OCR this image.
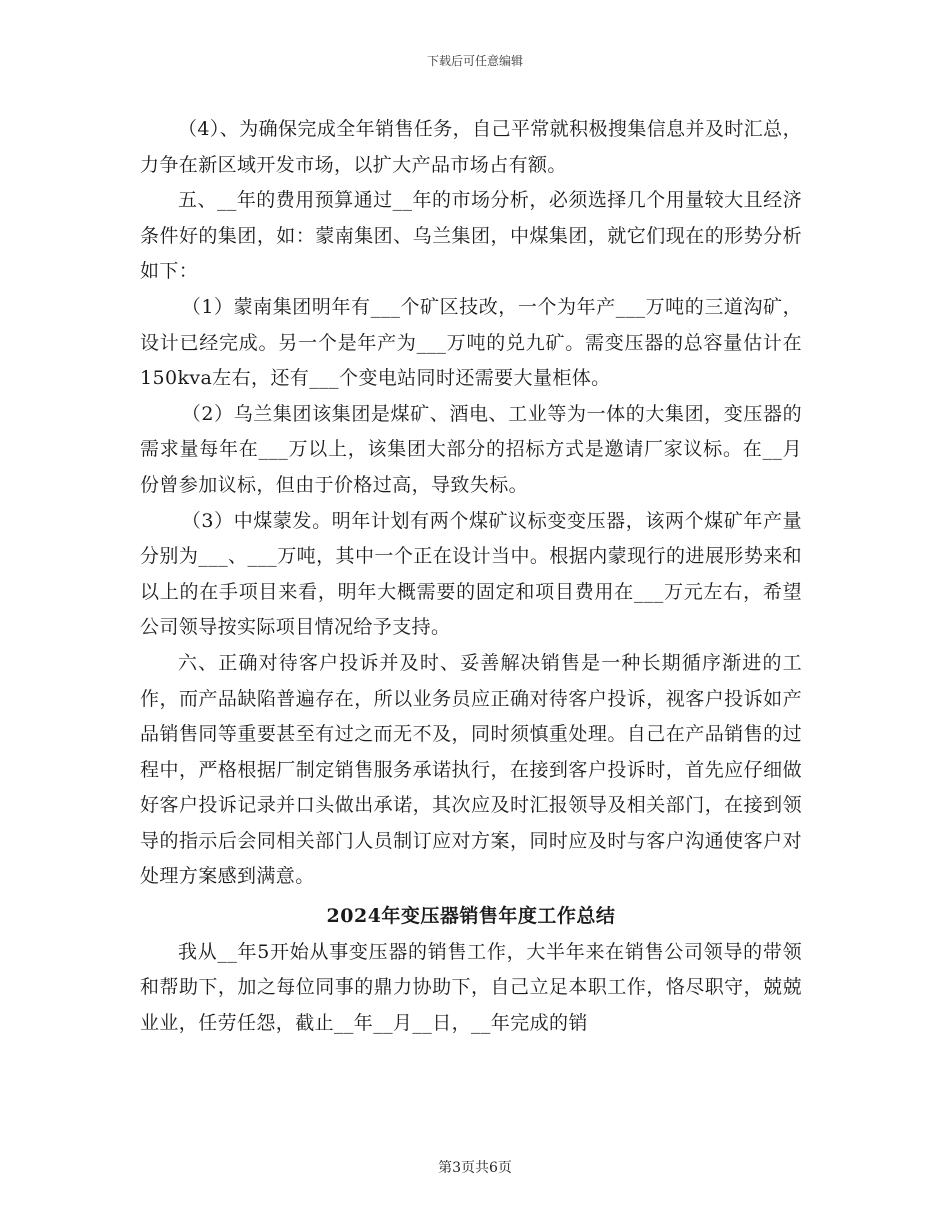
下载后可任意编辑

（4）、为确保完成全年销售任务，自己平常就积极搜集信息并及时汇总，力争在新区域开发市场，以扩大产品市场占有额。

五、__年的费用预算通过__年的市场分析，必须选择几个用量较大且经济条件好的集团，如：蒙南集团、乌兰集团，中煤集团，就它们现在的形势分析如下：

（1）蒙南集团明年有___个矿区技改，一个为年产___万吨的三道沟矿，设计已经完成。另一个是年产为___万吨的兑九矿。需变压器的总容量估计在150kva左右，还有___个变电站同时还需要大量柜体。

（2）乌兰集团该集团是煤矿、酒电、工业等为一体的大集团，变压器的需求量每年在___万以上，该集团大部分的招标方式是邀请厂家议标。在__月份曾参加议标，但由于价格过高，导致失标。

（3）中煤蒙发。明年计划有两个煤矿议标变变压器，该两个煤矿年产量分别为___、___万吨，其中一个正在设计当中。根据内蒙现行的进展形势来和以上的在手项目来看，明年大概需要的固定和项目费用在___万元左右，希望公司领导按实际项目情况给予支持。

六、正确对待客户投诉并及时、妥善解决销售是一种长期循序渐进的工作，而产品缺陷普遍存在，所以业务员应正确对待客户投诉，视客户投诉如产品销售同等重要甚至有过之而无不及，同时须慎重处理。自己在产品销售的过程中，严格根据厂制定销售服务承诺执行，在接到客户投诉时，首先应仔细做好客户投诉记录并口头做出承诺，其次应及时汇报领导及相关部门，在接到领导的指示后会同相关部门人员制订应对方案，同时应及时与客户沟通使客户对处理方案感到满意。

2024年变压器销售年度工作总结

我从__年5开始从事变压器的销售工作，大半年来在销售公司领导的带领和帮助下，加之每位同事的鼎力协助下，自己立足本职工作，恪尽职守，兢兢业业，任劳任怨，截止__年__月__日，__年完成的销

第3页共6页
